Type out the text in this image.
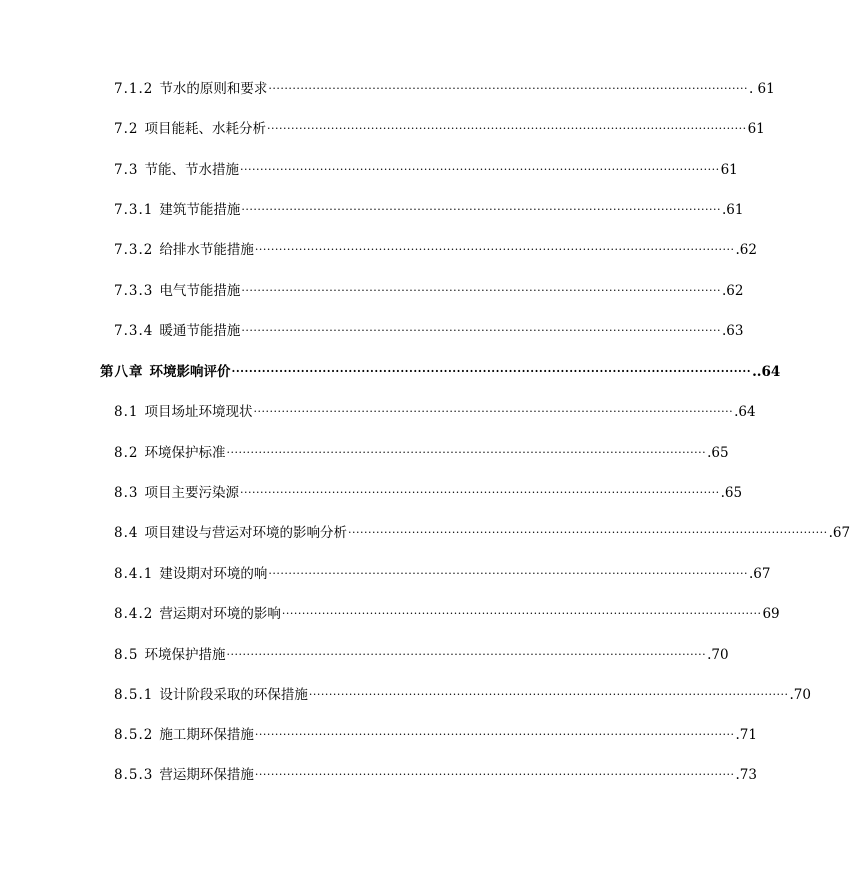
7.1.2 节水的原则和要求 ························································································································ . 61
7.2 项目能耗、水耗分析 ························································································································ 61
7.3 节能、节水措施 ························································································································ 61
7.3.1 建筑节能措施 ························································································································ .61
7.3.2 给排水节能措施 ························································································································ .62
7.3.3 电气节能措施 ························································································································ .62
7.3.4 暖通节能措施 ························································································································ .63
第八章 环境影响评价 ························································································································ ..64
8.1 项目场址环境现状 ························································································································ .64
8.2 环境保护标准 ························································································································ .65
8.3 项目主要污染源 ························································································································ .65
8.4 项目建设与营运对环境的影响分析 ························································································································ .67
8.4.1 建设期对环境的响 ························································································································ .67
8.4.2 营运期对环境的影响 ························································································································ 69
8.5 环境保护措施 ························································································································ .70
8.5.1 设计阶段采取的环保措施 ························································································································ .70
8.5.2 施工期环保措施 ························································································································ .71
8.5.3 营运期环保措施 ························································································································ .73
